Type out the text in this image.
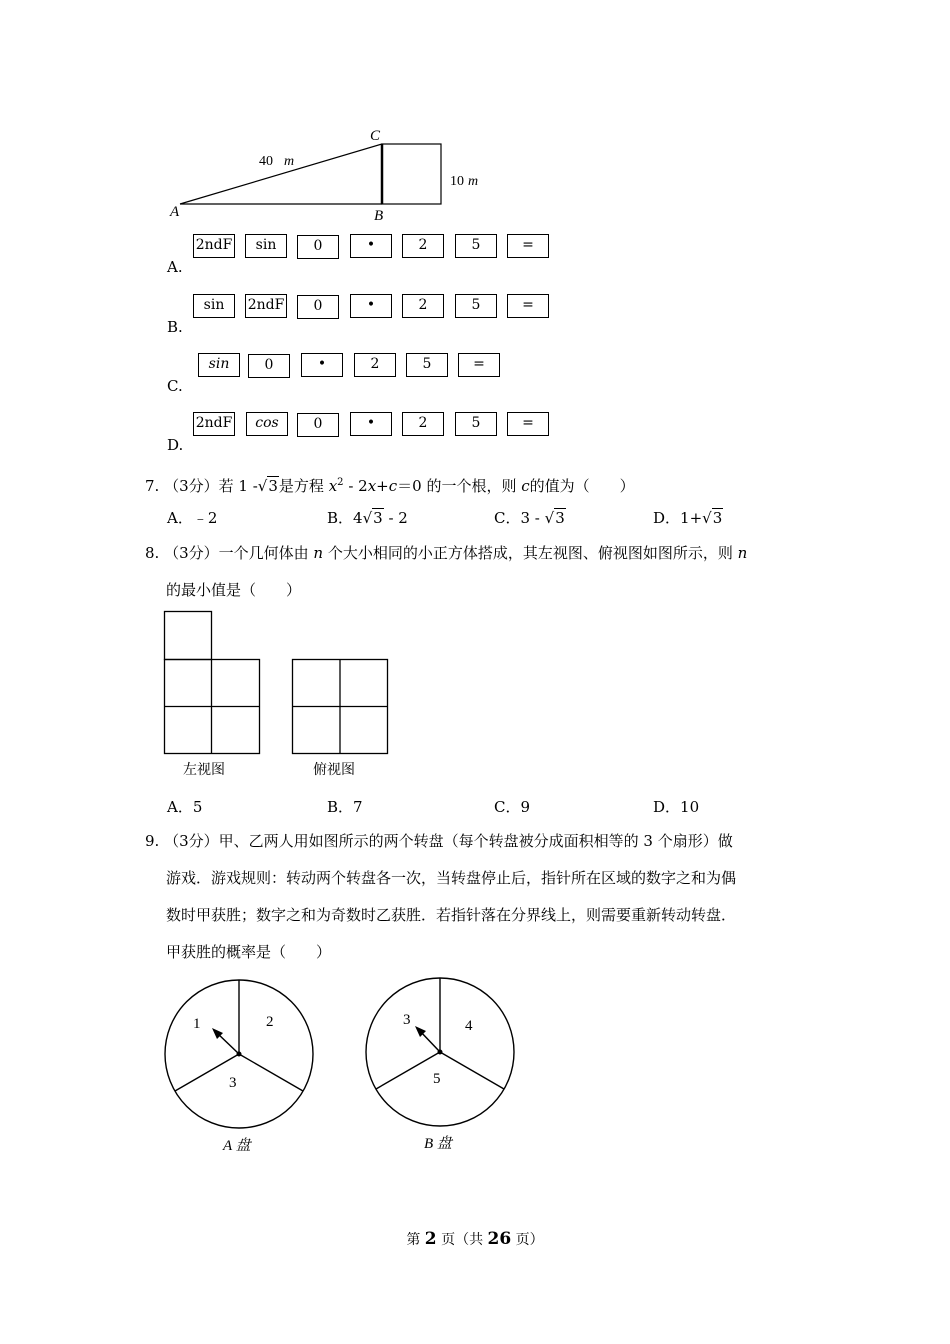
C
A	B
40 m
10 m
A.
2ndF	sin	0	•	2	5	=
B.
sin	2ndF	0	•	2	5	=
C.
sin	0	•	2	5	=
D.
2ndF	cos	0	•	2	5	=
7. （3分）若 1 -√3是方程 $x^2 - 2x+c=0$ 的一个根，则 c的值为（　　）
A．﹣2	B．4√3 - 2	C．3 - √3	D．1+√3
8. （3分）一个几何体由 n 个大小相同的小正方体搭成，其左视图、俯视图如图所示，则 n
的最小值是（　　）
左视图	俯视图
A．5	B．7	C．9	D．10
9. （3分）甲、乙两人用如图所示的两个转盘（每个转盘被分成面积相等的 3 个扇形）做
游戏．游戏规则：转动两个转盘各一次，当转盘停止后，指针所在区域的数字之和为偶
数时甲获胜；数字之和为奇数时乙获胜．若指针落在分界线上，则需要重新转动转盘．
甲获胜的概率是（　　）
1	2
3
A 盘
3	4
5
B 盘
第 2 页（共 26 页）
